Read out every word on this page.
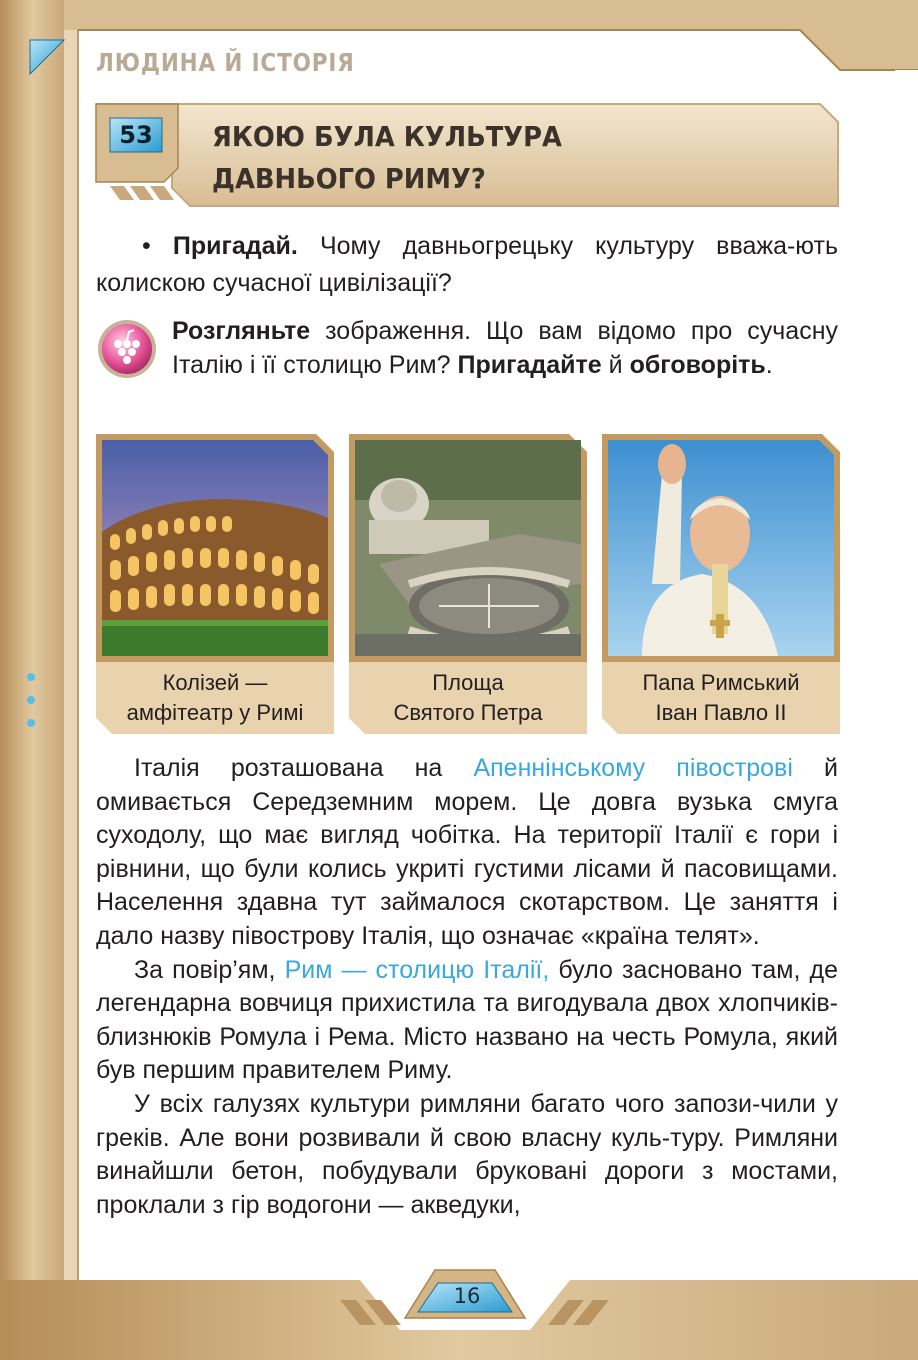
ЛЮДИНА Й ІСТОРІЯ
53	ЯКОЮ БУЛА КУЛЬТУРА
ДАВНЬОГО РИМУ?
• Пригадай. Чому давньогрецьку культуру вважа-ють колискою сучасної цивілізації?
Розгляньте зображення. Що вам відомо про сучасну Італію і її столицю Рим? Пригадайте й обговоріть.
Колізей —
амфітеатр у Римі
Площа
Святого Петра
Папа Римський
Іван Павло ІІ

Італія розташована на Апеннінському півострові й омивається Середземним морем. Це довга вузька смуга суходолу, що має вигляд чобітка. На території Італії є гори і рівнини, що були колись укриті густими лісами й пасовищами. Населення здавна тут займалося скотарством. Це заняття і дало назву півострову Італія, що означає «країна телят».

За повір’ям, Рим — столицю Італії, було засновано там, де легендарна вовчиця прихистила та вигодувала двох хлопчиків-близнюків Ромула і Рема. Місто названо на честь Ромула, який був першим правителем Риму.

У всіх галузях культури римляни багато чого запози-чили у греків. Але вони розвивали й свою власну куль-туру. Римляни винайшли бетон, побудували бруковані дороги з мостами, проклали з гір водогони — акведуки,

16
